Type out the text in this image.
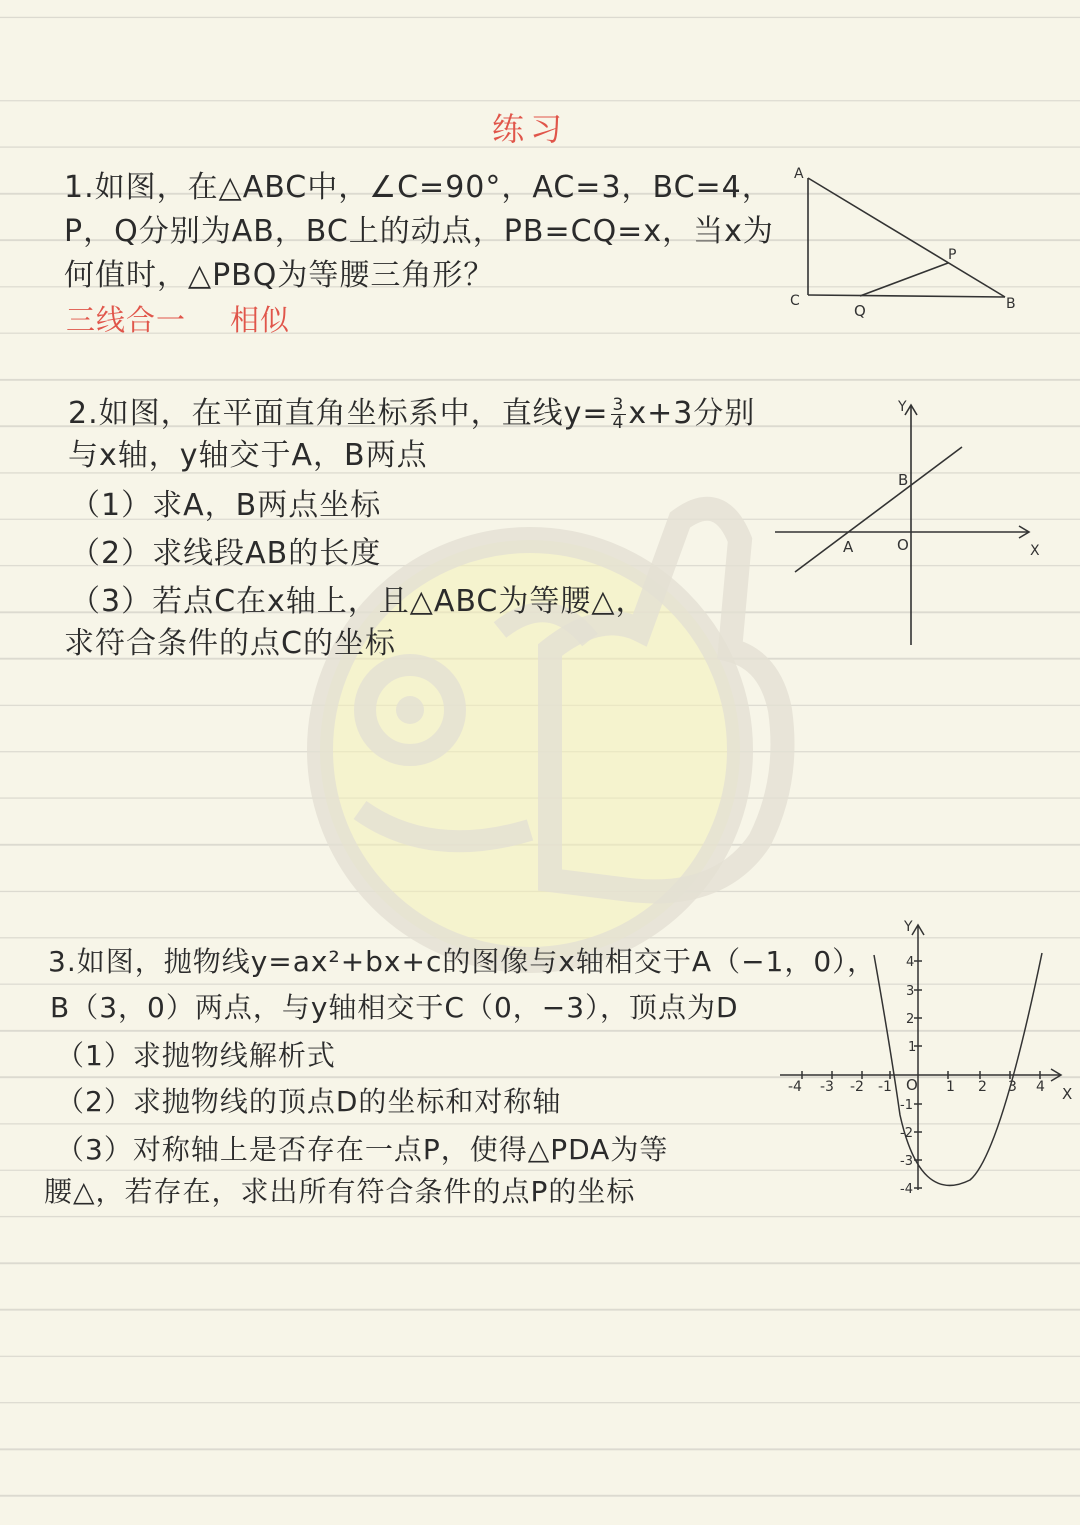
练习
1.如图，在△ABC中，∠C=90°，AC=3，BC=4，
P，Q分别为AB，BC上的动点，PB=CQ=x，当x为
何值时，△PBQ为等腰三角形？
三线合一 相似
A
C	B
P
Q
2.如图，在平面直角坐标系中，直线$y= \frac{3}{4} x+3$分别
与x轴，y轴交于A，B两点
（1）求A，B两点坐标
（2）求线段AB的长度
（3）若点C在x轴上，且△ABC为等腰△，
求符合条件的点C的坐标
Y
X
B
A	O
3.如图，抛物线y=ax²+bx+c的图像与x轴相交于A（−1，0），
B（3，0）两点，与y轴相交于C（0，−3），顶点为D
（1）求抛物线解析式
（2）求抛物线的顶点D的坐标和对称轴
（3）对称轴上是否存在一点P，使得△PDA为等
腰△，若存在，求出所有符合条件的点P的坐标
Y
X
O
-4 -3 -2 -1	1 2 3 4
4
3
2
1
-1
-2
-3
-4
